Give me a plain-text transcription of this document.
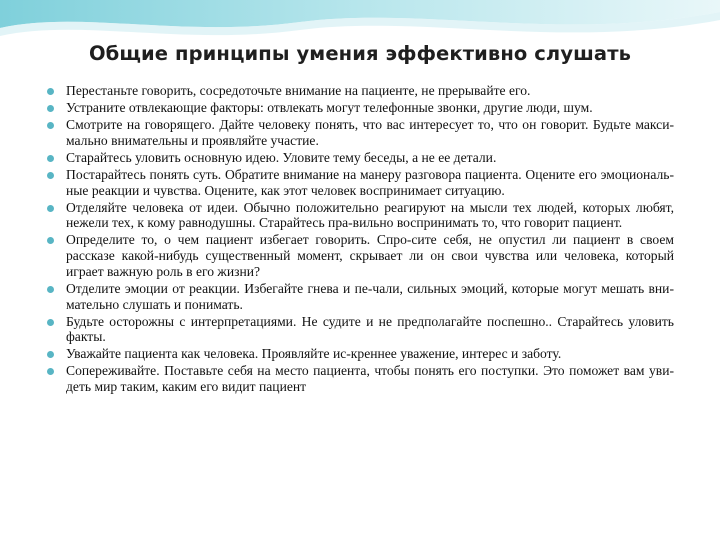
Общие принципы умения эффективно слушать
Перестаньте говорить, сосредоточьте внимание на пациенте, не прерывайте его.
Устраните отвлекающие факторы: отвлекать могут телефонные звонки, другие люди, шум.
Смотрите на говорящего. Дайте человеку понять, что вас интересует то, что он говорит. Будьте макси-мально внимательны и проявляйте участие.
Старайтесь уловить основную идею. Уловите тему беседы, а не ее детали.
Постарайтесь понять суть. Обратите внимание на манеру разговора пациента. Оцените его эмоциональ-ные реакции и чувства. Оцените, как этот человек воспринимает ситуацию.
Отделяйте человека от идеи. Обычно положительно реагируют на мысли тех людей, которых любят, нежели тех, к кому равнодушны. Старайтесь пра-вильно воспринимать то, что говорит пациент.
Определите то, о чем пациент избегает говорить. Спро-сите себя, не опустил ли пациент в своем рассказе какой-нибудь существенный момент, скрывает ли он свои чувства или человека, который играет важную роль в его жизни?
Отделите эмоции от реакции. Избегайте гнева и пе-чали, сильных эмоций, которые могут мешать вни-мательно слушать и понимать.
Будьте осторожны с интерпретациями. Не судите и не предполагайте поспешно.. Старайтесь уловить факты.
Уважайте пациента как человека. Проявляйте ис-креннее уважение, интерес и заботу.
Сопереживайте. Поставьте себя на место пациента, чтобы понять его поступки. Это поможет вам уви-деть мир таким, каким его видит пациент
